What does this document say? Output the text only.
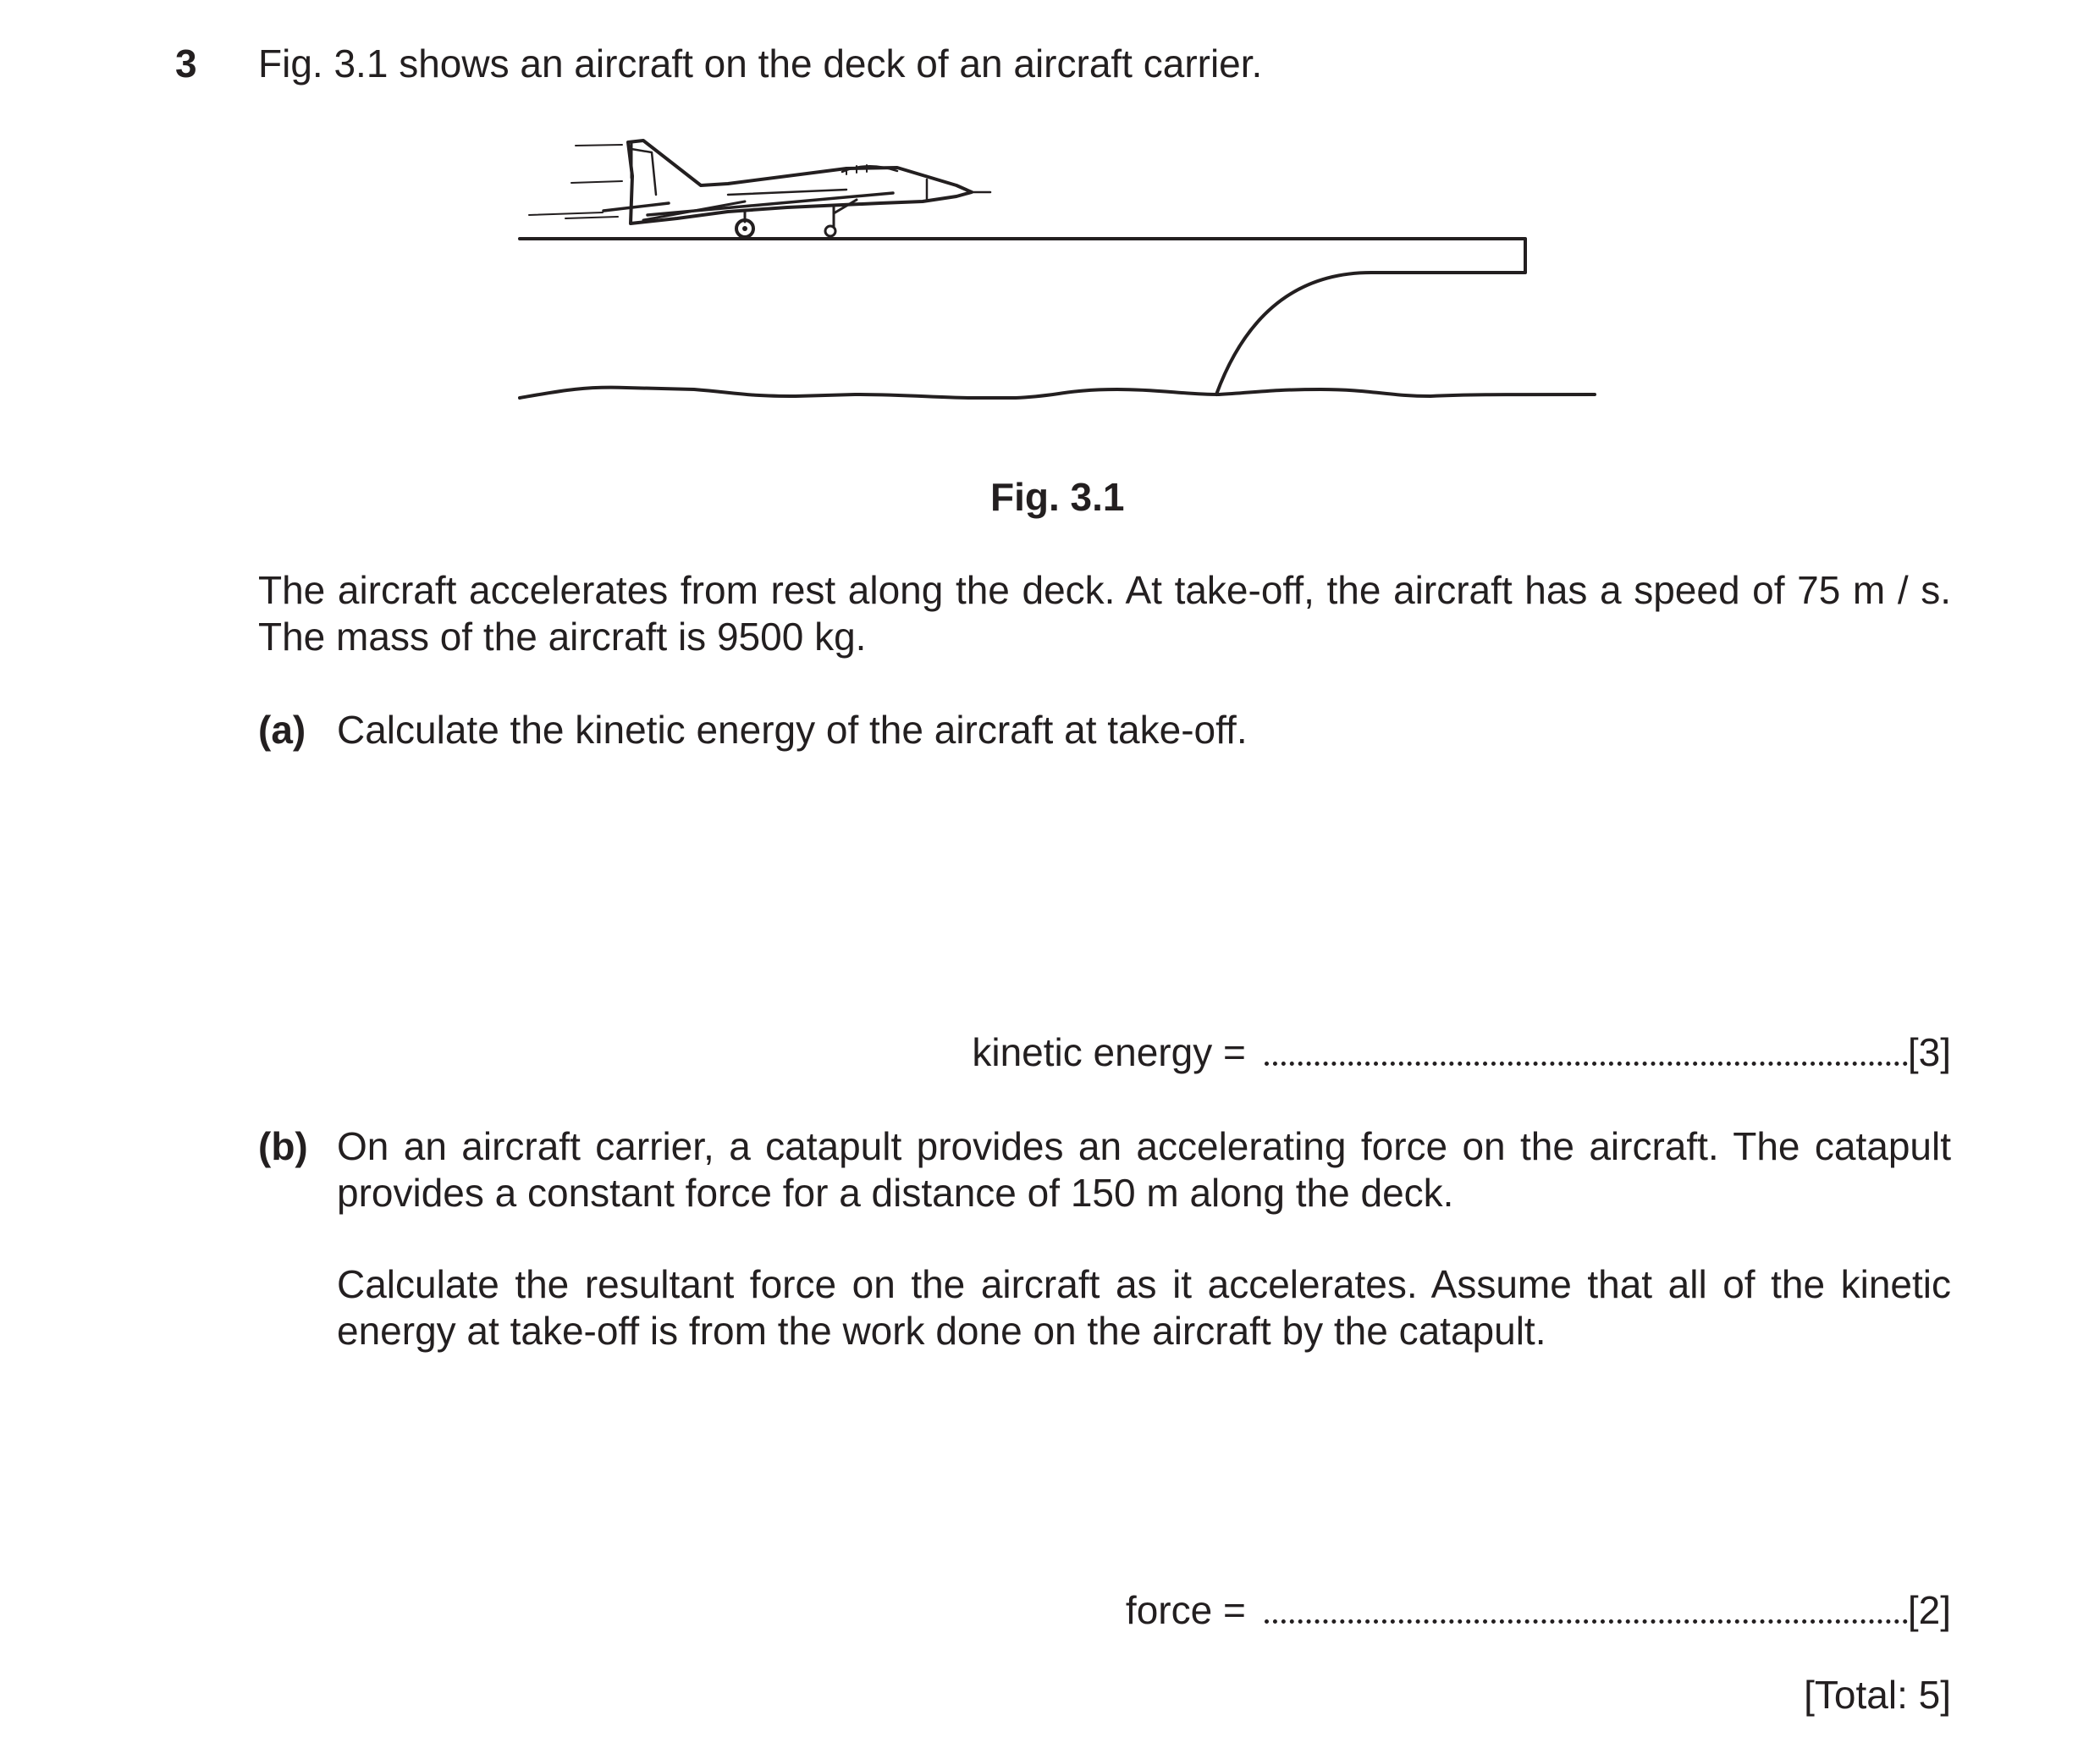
3 Fig. 3.1 shows an aircraft on the deck of an aircraft carrier.
Fig. 3.1
The aircraft accelerates from rest along the deck. At take-off, the aircraft has a speed of 75 m / s.
The mass of the aircraft is 9500 kg.
(a) Calculate the kinetic energy of the aircraft at take-off.
kinetic energy =	[3]
(b) On an aircraft carrier, a catapult provides an accelerating force on the aircraft. The catapult
provides a constant force for a distance of 150 m along the deck.
Calculate the resultant force on the aircraft as it accelerates. Assume that all of the kinetic
energy at take-off is from the work done on the aircraft by the catapult.
force =	[2]
[Total: 5]
